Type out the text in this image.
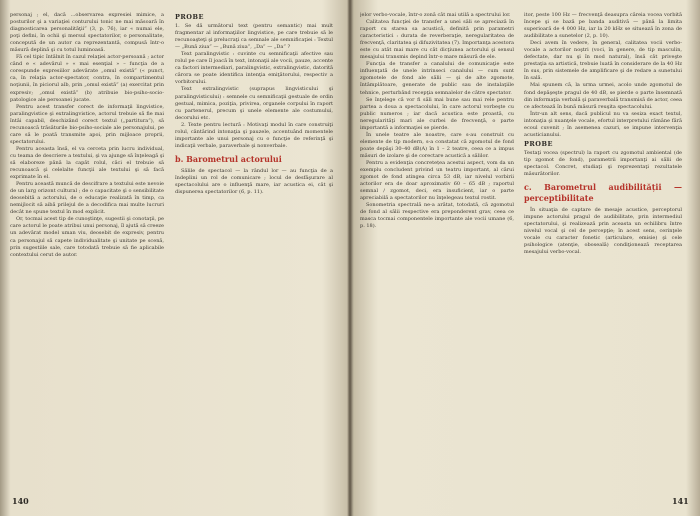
personaj ; el, dacă ...observarea expresiei mimice, a posturilor şi a variaţiei conturului tonic ne mai măsoară în diagnosticarea personalităţii” (3, p. 76), iar « numai ele, poţi defini, în ochii şi mersul spectatorilor, o personalitate, concepută de un autor ca reprezentantă, compusă într-o măsură deplină şi cu totul luminoasă.

Fă cel tipic întâlnit în cazul relaţiei actor-persoană ; actor când e « adevărul » « mai esenţial » – funcţia de a corespunde expresiilor adevărate „omul există” (« punct, ca, în relaţia actor-spectator, contra, în compartimentul noţiunii, în piciorul alb, prin „omul există” (a) exercitat prin expresiv; „omul există” (b) atribuie bio-psiho-socio-patologice ale persoanei jucate.

Pentru acest transfer corect de informaţii lingvistice, paralingvistice şi extralingvistice, actorul trebuie să fie mai întâi capabil, deschizând corect textul („partitura”), să recunoască trăsăturile bio-psiho-sociale ale personajului, pe care să le poată transmite apoi, prin mijloace proprii, spectatorului.

Pentru aceasta însă, el va cerceta prin lucru individual, cu teama de descriere a textului, şi va ajunge să înţeleagă şi să elaboreze până la capăt rolul, căci el trebuie să recunoască şi celelalte funcţii ale textului şi să facă exprimate în el.

Pentru această muncă de descifrare a textului este nevoie de un larg orizont cultural ; de o capacitate şi o sensibilitate deosebită a actorului, de o educaţie realizată în timp, ca nemijlocit să aibă prilejul de a decodifica mai multe lucruri decât ne spune textul în mod explicit.

Or, tocmai acest tip de cunoştinţe, sugestii şi conotaţii, pe care actorul le poate atribui unui personaj, îl ajută să creeze un adevărat model uman viu, deosebit de expresiv, pentru ca personajul să capete individualitate şi unitate pe scenă, prin sugestiile sale, care totodată trebuie să fie aplicabile contextului cerut de autor.

PROBE

1. Se dă următorul text (pentru semantic) mai mult fragmentar al informaţiilor lingvistice, pe care trebuie să le recunoaşteţi şi prelucraţi ca semnale ale semnificaţiei : Textul — „Bună ziua” — „Bună ziua”, „Da” — „Da” ?

Text paralingvistic : cuvinte cu semnificaţii afective sau rolul pe care îl joacă în text, intonaţii ale vocii, pauze, accente ca factori intermediari, paralingvistic, extralingvistic, datorită cărora se poate identifica intenţia emiţătorului, respectiv a vorbitorului.

Text extralingvistic (suprapus lingvisticului şi paralingvisticului) : semnele cu semnificaţii gestuale de ordin gestual, mimica, poziţia, privirea, organele corpului în raport cu partenerul, precum şi unele elemente ale costumului, decorului etc.

2. Texte pentru lectură : Motivaţi modul în care construiţi rolul, cântărind intonaţia şi pauzele, accentuând momentele importante ale unui personaj cu o funcţie de referinţă şi indicaţii verbale, paraverbale şi nonverbale.

b. Barometrul actorului

Sălile de spectacol — la rândul lor — au funcţia de a îndeplini un rol de comunicare ; locul de desfăşurare al spectacolului are o influenţă mare, iar acustica ei, cât şi dispunerea spectatorilor (6, p. 11).

140

jelor verbo-vocale, într-o zonă cât mai utilă a spectrului lor.

Calitatea funcţiei de transfer a unei săli se apreciază în raport cu starea sa acustică, definită prin parametri caracteristici : durata de reverberaţie, neregularitatea de frecvenţă, claritatea şi difuzivitatea (7). Importanţa acestora este cu atât mai mare cu cât dicţiunea actorului şi sensul mesajului transmis depind într-o mare măsură de ele.

Funcţia de transfer a canalului de comunicaţie este influenţată de unele intrinseci canalului — cum sunt zgomotele de fond ale sălii — şi de alte zgomote, întâmplătoare, generate de public sau de instalaţiile tehnice, perturbând recepţia semnalelor de către spectator.

Se înţelege că vor fi săli mai bune sau mai rele pentru partea a doua a spectacolului, în care actorul vorbeşte cu public numeros ; iar dacă acustica este proastă, cu neregularităţi mari ale curbei de frecvenţă, o parte importantă a informaţiei se pierde.

În unele teatre ale noastre, care s-au construit cu elemente de tip modern, s-a constatat că zgomotul de fond poate depăşi 30–40 dB(A) în 1 – 2 teatre, ceea ce a impus măsuri de izolare şi de corectare acustică a sălilor.

Pentru a evidenţia concretețea acestui aspect, vom da un exemplu concludent privind un teatru important, al cărui zgomot de fond atingea circa 53 dB, iar nivelul vorbirii actorilor era de doar aproximativ 60 – 65 dB ; raportul semnal / zgomot, deci, era insuficient, iar o parte apreciabilă a spectatorilor nu înţelegeau textul rostit.

Sonometria spectrală ne-a arătat, totodată, că zgomotul de fond al sălii respective era preponderent grav, ceea ce masca tocmai componentele importante ale vocii umane (6, p. 18).

itor, peste 100 Hz — frecvenţă deasupra căreia vocea vorbită începe şi se bază pe banda auditivă — până la limita superioară de 4 000 Hz, iar la 20 kHz se situează în zona de audibilitate a sunetelor (2, p. 10).

Deci avem în vedere, în general, calitatea vocii verbo-vocale a actorilor noştri (voci, în genere, de tip masculin, defectate, dar nu şi în mod natural), însă cât priveşte prestaţia sa artistică, trebuie luată în considerare de la 40 Hz în sus, prin sistemele de amplificare şi de redare a sunetului în sală.

Mai spunem că, la urma urmei, acolo unde zgomotul de fond depăşeşte pragul de 40 dB, se pierde o parte însemnată din informaţia verbală şi paraverbală transmisă de actor, ceea ce afectează în bună măsură reuşita spectacolului.

Într-un alt sens, dacă publicul nu va sesiza exact textul, intonaţia şi nuanţele vocale, efortul interpretului rămâne fără ecoul cuvenit ; în asemenea cazuri, se impune intervenţia acusticianului.

PROBE

Testaţi vocea (spectrul) la raport cu zgomotul ambiental (de tip zgomot de fond), parametrii importanţi ai sălii de spectacol. Concret, studiaţi şi reprezentaţi rezultatele măsurătorilor.

c. Barometrul audibilității — perceptibilitate

În situaţia de captare de mesaje acustice, perceptorul impune actorului pragul de audibilitate, prin intermediul spectatorului, şi realizează prin aceasta un echilibru între nivelul vocal şi cel de percepţie; în acest sens, cerinţele vocale cu caracter fonetic (articulare, emisie) şi cele psihologice (atenţie, oboseală) condiţionează receptarea mesajului verbo-vocal.

141
